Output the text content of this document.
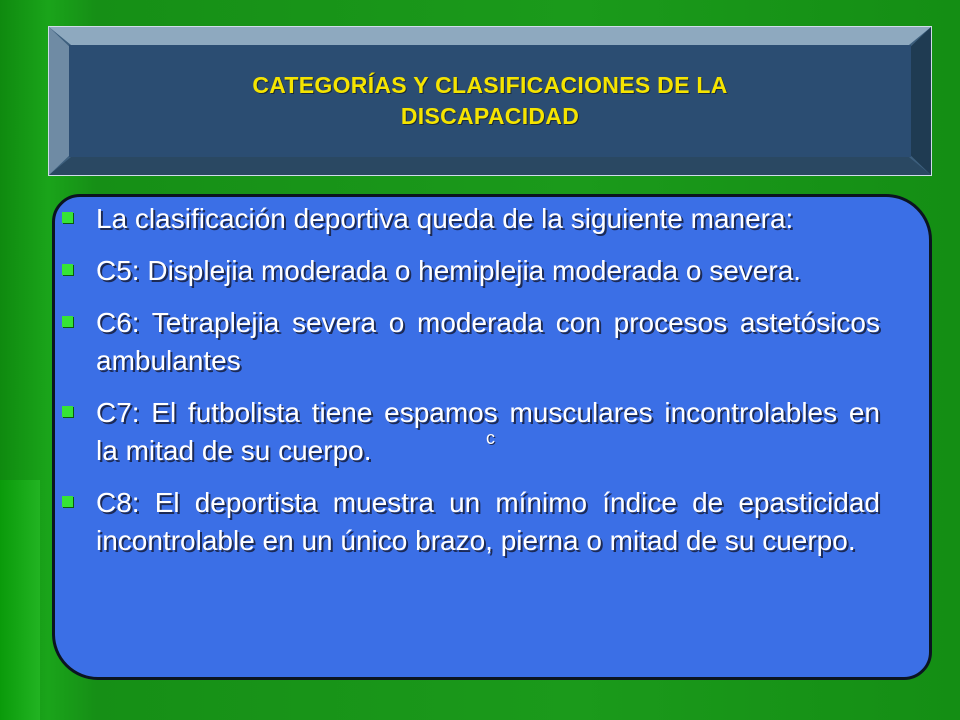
CATEGORÍAS Y CLASIFICACIONES DE LA
DISCAPACIDAD

La clasificación deportiva queda de la siguiente manera:
C5: Displejia moderada o hemiplejia moderada o severa.
C6: Tetraplejia severa o moderada con procesos astetósicos ambulantes
C7: El futbolista tiene espamos musculares incontrolables en la mitad de su cuerpo.
C8: El deportista muestra un mínimo índice de epasticidad incontrolable en un único brazo, pierna o mitad de su cuerpo.
c
